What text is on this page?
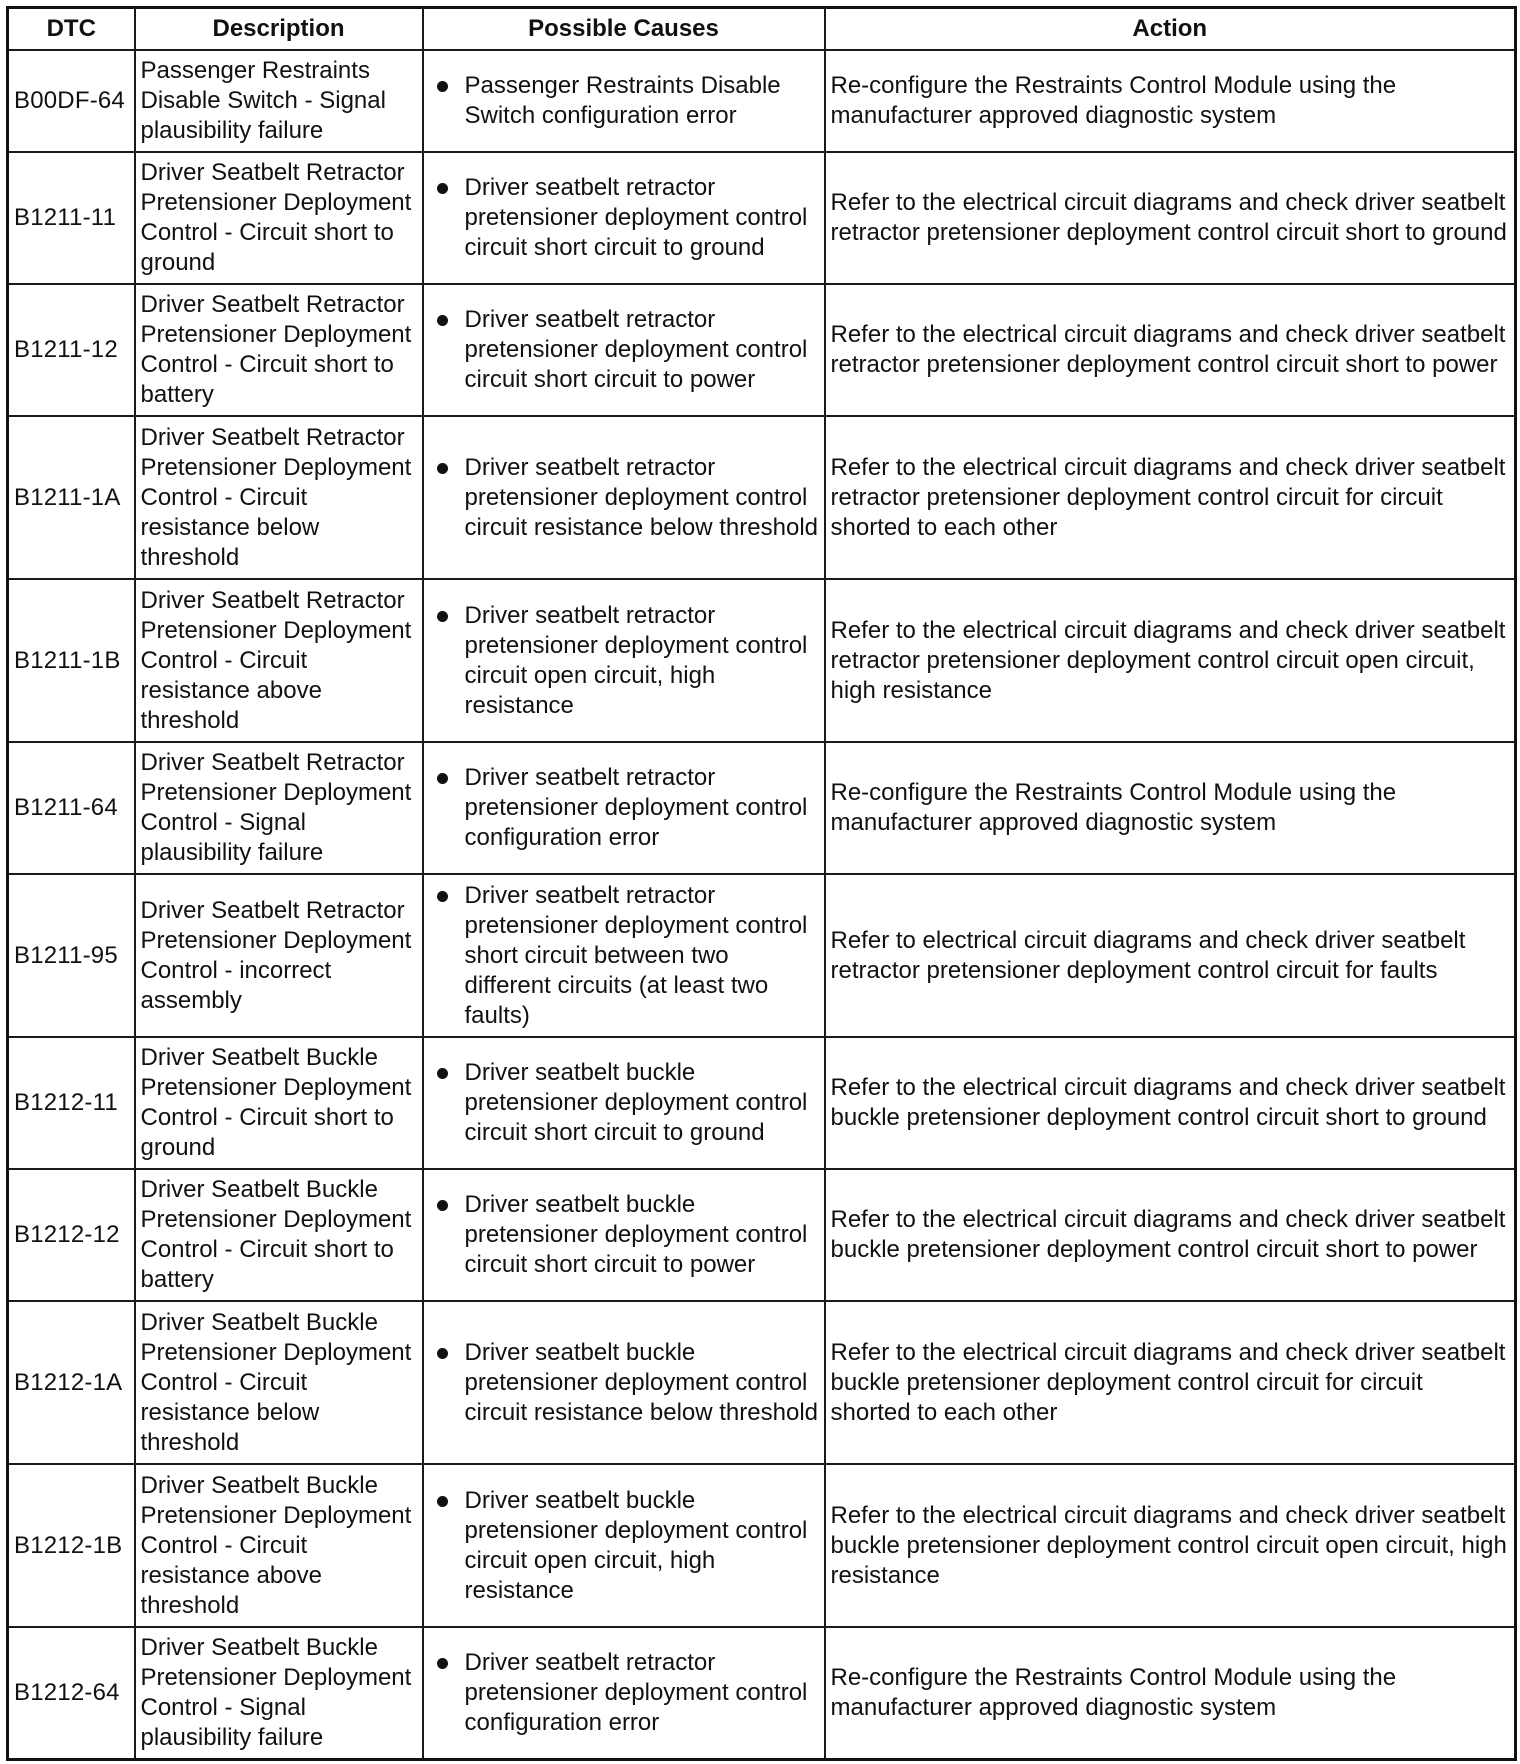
DTC	Description	Possible Causes	Action
B00DF-64	Passenger Restraints Disable Switch - Signal plausibility failure	Passenger Restraints Disable Switch configuration error	Re-configure the Restraints Control Module using the manufacturer approved diagnostic system
B1211-11	Driver Seatbelt Retractor Pretensioner Deployment Control - Circuit short to ground	Driver seatbelt retractor pretensioner deployment control circuit short circuit to ground	Refer to the electrical circuit diagrams and check driver seatbelt retractor pretensioner deployment control circuit short to ground
B1211-12	Driver Seatbelt Retractor Pretensioner Deployment Control - Circuit short to battery	Driver seatbelt retractor pretensioner deployment control circuit short circuit to power	Refer to the electrical circuit diagrams and check driver seatbelt retractor pretensioner deployment control circuit short to power
B1211-1A	Driver Seatbelt Retractor Pretensioner Deployment Control - Circuit resistance below threshold	Driver seatbelt retractor pretensioner deployment control circuit resistance below threshold	Refer to the electrical circuit diagrams and check driver seatbelt retractor pretensioner deployment control circuit for circuit shorted to each other
B1211-1B	Driver Seatbelt Retractor Pretensioner Deployment Control - Circuit resistance above threshold	Driver seatbelt retractor pretensioner deployment control circuit open circuit, high resistance	Refer to the electrical circuit diagrams and check driver seatbelt retractor pretensioner deployment control circuit open circuit, high resistance
B1211-64	Driver Seatbelt Retractor Pretensioner Deployment Control - Signal plausibility failure	Driver seatbelt retractor pretensioner deployment control configuration error	Re-configure the Restraints Control Module using the manufacturer approved diagnostic system
B1211-95	Driver Seatbelt Retractor Pretensioner Deployment Control - incorrect assembly	Driver seatbelt retractor pretensioner deployment control short circuit between two different circuits (at least two faults)	Refer to electrical circuit diagrams and check driver seatbelt retractor pretensioner deployment control circuit for faults
B1212-11	Driver Seatbelt Buckle Pretensioner Deployment Control - Circuit short to ground	Driver seatbelt buckle pretensioner deployment control circuit short circuit to ground	Refer to the electrical circuit diagrams and check driver seatbelt buckle pretensioner deployment control circuit short to ground
B1212-12	Driver Seatbelt Buckle Pretensioner Deployment Control - Circuit short to battery	Driver seatbelt buckle pretensioner deployment control circuit short circuit to power	Refer to the electrical circuit diagrams and check driver seatbelt buckle pretensioner deployment control circuit short to power
B1212-1A	Driver Seatbelt Buckle Pretensioner Deployment Control - Circuit resistance below threshold	Driver seatbelt buckle pretensioner deployment control circuit resistance below threshold	Refer to the electrical circuit diagrams and check driver seatbelt buckle pretensioner deployment control circuit for circuit shorted to each other
B1212-1B	Driver Seatbelt Buckle Pretensioner Deployment Control - Circuit resistance above threshold	Driver seatbelt buckle pretensioner deployment control circuit open circuit, high resistance	Refer to the electrical circuit diagrams and check driver seatbelt buckle pretensioner deployment control circuit open circuit, high resistance
B1212-64	Driver Seatbelt Buckle Pretensioner Deployment Control - Signal plausibility failure	Driver seatbelt retractor pretensioner deployment control configuration error	Re-configure the Restraints Control Module using the manufacturer approved diagnostic system
